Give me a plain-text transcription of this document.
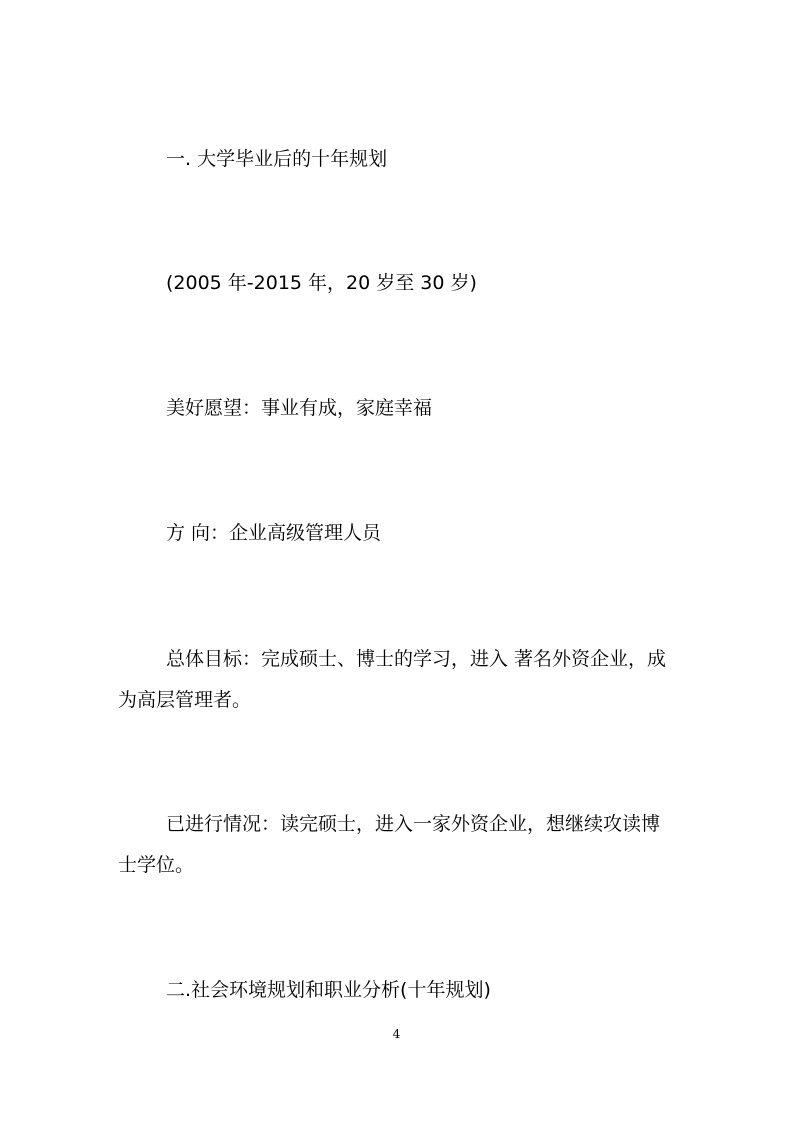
一. 大学毕业后的十年规划

(2005 年-2015 年，20 岁至 30 岁)

美好愿望：事业有成，家庭幸福

方 向：企业高级管理人员

总体目标：完成硕士、博士的学习，进入 著名外资企业，成为高层管理者。

已进行情况：读完硕士，进入一家外资企业，想继续攻读博士学位。

二.社会环境规划和职业分析(十年规划)

4
